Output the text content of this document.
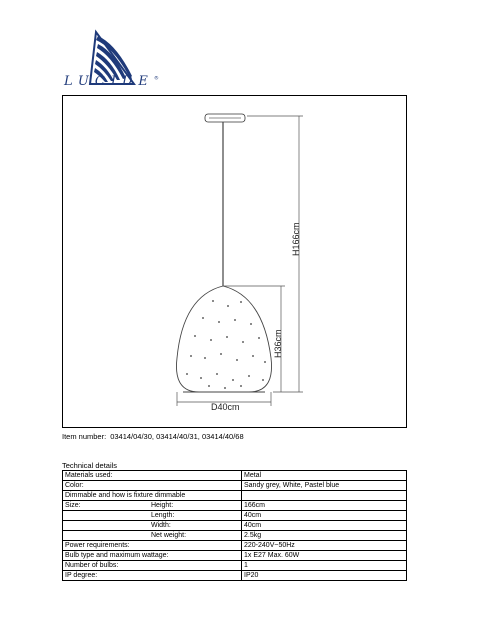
LUCIDE®
H166cm
H36cm
D40cm
Item number: 03414/04/30, 03414/40/31, 03414/40/68
Technical details
Materials used:	Metal
Color:	Sandy grey, White, Pastel blue
Dimmable and how is fixture dimmable	
Size: Height:	166cm
Length:	40cm
Width:	40cm
Net weight:	2.5kg
Power requirements:	220-240V~50Hz
Bulb type and maximum wattage:	1x E27 Max. 60W
Number of bulbs:	1
IP degree:	IP20
